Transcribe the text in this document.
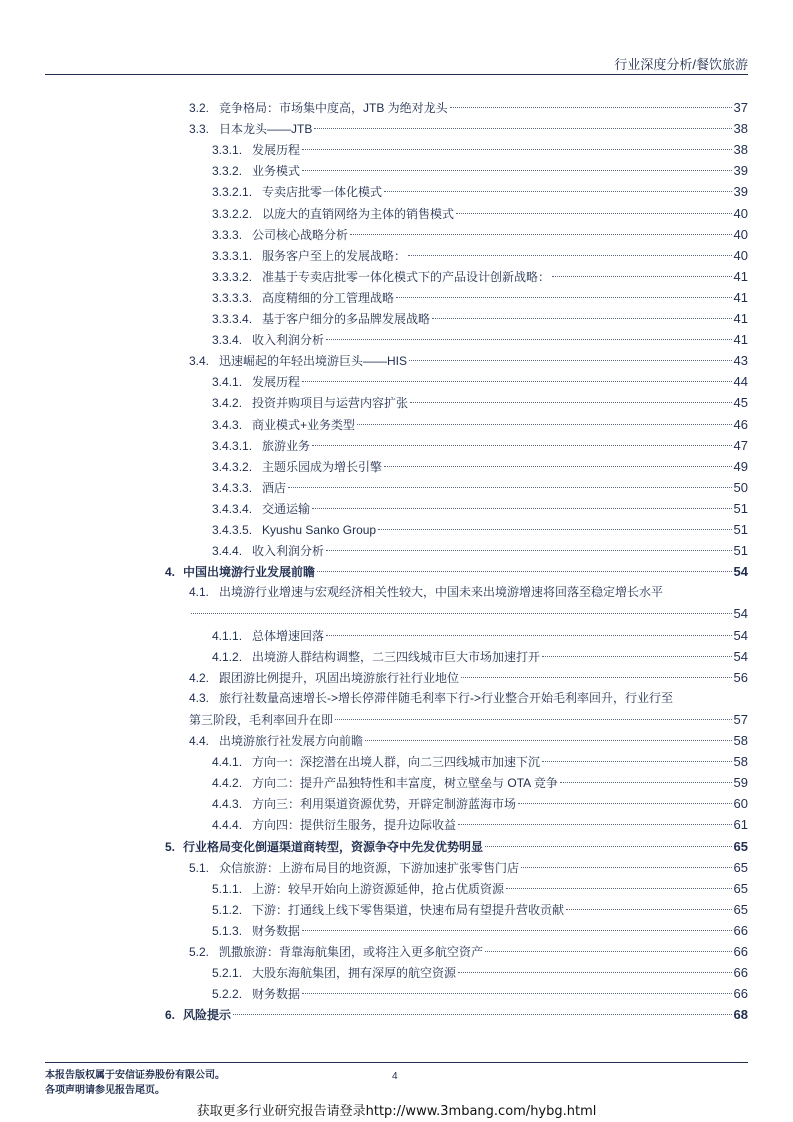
行业深度分析/餐饮旅游
3.2. 竞争格局：市场集中度高，JTB 为绝对龙头	37
3.3. 日本龙头——JTB	38
3.3.1. 发展历程	38
3.3.2. 业务模式	39
3.3.2.1. 专卖店批零一体化模式	39
3.3.2.2. 以庞大的直销网络为主体的销售模式	40
3.3.3. 公司核心战略分析	40
3.3.3.1. 服务客户至上的发展战略：	40
3.3.3.2. 准基于专卖店批零一体化模式下的产品设计创新战略：	41
3.3.3.3. 高度精细的分工管理战略	41
3.3.3.4. 基于客户细分的多品牌发展战略	41
3.3.4. 收入利润分析	41
3.4. 迅速崛起的年轻出境游巨头——HIS	43
3.4.1. 发展历程	44
3.4.2. 投资并购项目与运营内容扩张	45
3.4.3. 商业模式+业务类型	46
3.4.3.1. 旅游业务	47
3.4.3.2. 主题乐园成为增长引擎	49
3.4.3.3. 酒店	50
3.4.3.4. 交通运输	51
3.4.3.5. Kyushu Sanko Group	51
3.4.4. 收入利润分析	51
4. 中国出境游行业发展前瞻	54
4.1. 出境游行业增速与宏观经济相关性较大，中国未来出境游增速将回落至稳定增长水平
54
4.1.1. 总体增速回落	54
4.1.2. 出境游人群结构调整，二三四线城市巨大市场加速打开	54
4.2. 跟团游比例提升，巩固出境游旅行社行业地位	56
4.3. 旅行社数量高速增长->增长停滞伴随毛利率下行->行业整合开始毛利率回升，行业行至
第三阶段，毛利率回升在即	57
4.4. 出境游旅行社发展方向前瞻	58
4.4.1. 方向一：深挖潜在出境人群，向二三四线城市加速下沉	58
4.4.2. 方向二：提升产品独特性和丰富度，树立壁垒与 OTA 竞争	59
4.4.3. 方向三：利用渠道资源优势，开辟定制游蓝海市场	60
4.4.4. 方向四：提供衍生服务，提升边际收益	61
5. 行业格局变化倒逼渠道商转型，资源争夺中先发优势明显	65
5.1. 众信旅游：上游布局目的地资源，下游加速扩张零售门店	65
5.1.1. 上游：较早开始向上游资源延伸，抢占优质资源	65
5.1.2. 下游：打通线上线下零售渠道，快速布局有望提升营收贡献	65
5.1.3. 财务数据	66
5.2. 凯撒旅游：背靠海航集团，或将注入更多航空资产	66
5.2.1. 大股东海航集团，拥有深厚的航空资源	66
5.2.2. 财务数据	66
6. 风险提示	68
本报告版权属于安信证券股份有限公司。
各项声明请参见报告尾页。
4
获取更多行业研究报告请登录http://www.3mbang.com/hybg.html
